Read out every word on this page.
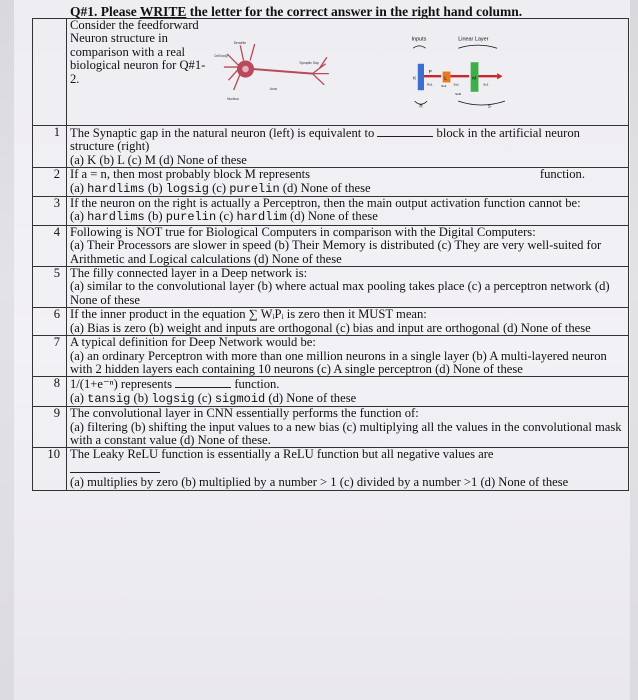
Q#1. Please WRITE the letter for the correct answer in the right hand column.
	Consider the feedforward Neuron structure in comparison with a real biological neuron for Q#1-2.
1	The Synaptic gap in the natural neuron (left) is equivalent to block in the artificial neuron structure (right)
(a) K (b) L (c) M (d) None of these
2	If a = n, then most probably block M represents function.

(a) hardlims (b) logsig (c) purelin (d) None of these
3	If the neuron on the right is actually a Perceptron, then the main output activation function cannot be:
(a) hardlims (b) purelin (c) hardlim (d) None of these
4	Following is NOT true for Biological Computers in comparison with the Digital Computers:
(a) Their Processors are slower in speed (b) Their Memory is distributed (c) They are very well-suited for Arithmetic and Logical calculations (d) None of these
5	The filly connected layer in a Deep network is:
(a) similar to the convolutional layer (b) where actual max pooling takes place (c) a perceptron network (d) None of these
6	If the inner product in the equation ∑ WᵢPᵢ is zero then it MUST mean:
(a) Bias is zero (b) weight and inputs are orthogonal (c) bias and input are orthogonal (d) None of these
7	A typical definition for Deep Network would be:
(a) an ordinary Perceptron with more than one million neurons in a single layer (b) A multi-layered neuron with 2 hidden layers each containing 10 neurons (c) A single perceptron (d) None of these
8	1/(1+e⁻ⁿ) represents function.
(a) tansig (b) logsig (c) sigmoid (d) None of these
9	The convolutional layer in CNN essentially performs the function of:
(a) filtering (b) shifting the input values to a new bias (c) multiplying all the values in the convolutional mask with a constant value (d) None of these.
10	The Leaky ReLU function is essentially a ReLU function but all negative values are

(a) multiplies by zero (b) multiplied by a number > 1 (c) divided by a number >1 (d) None of these
Dendrite
Cell body
Synaptic Gap
Nucleus
Axon
Inputs	Linear Layer
P
L	M
K
Rx1 Sx1 Sx1	Sx1
SxR
R	S
